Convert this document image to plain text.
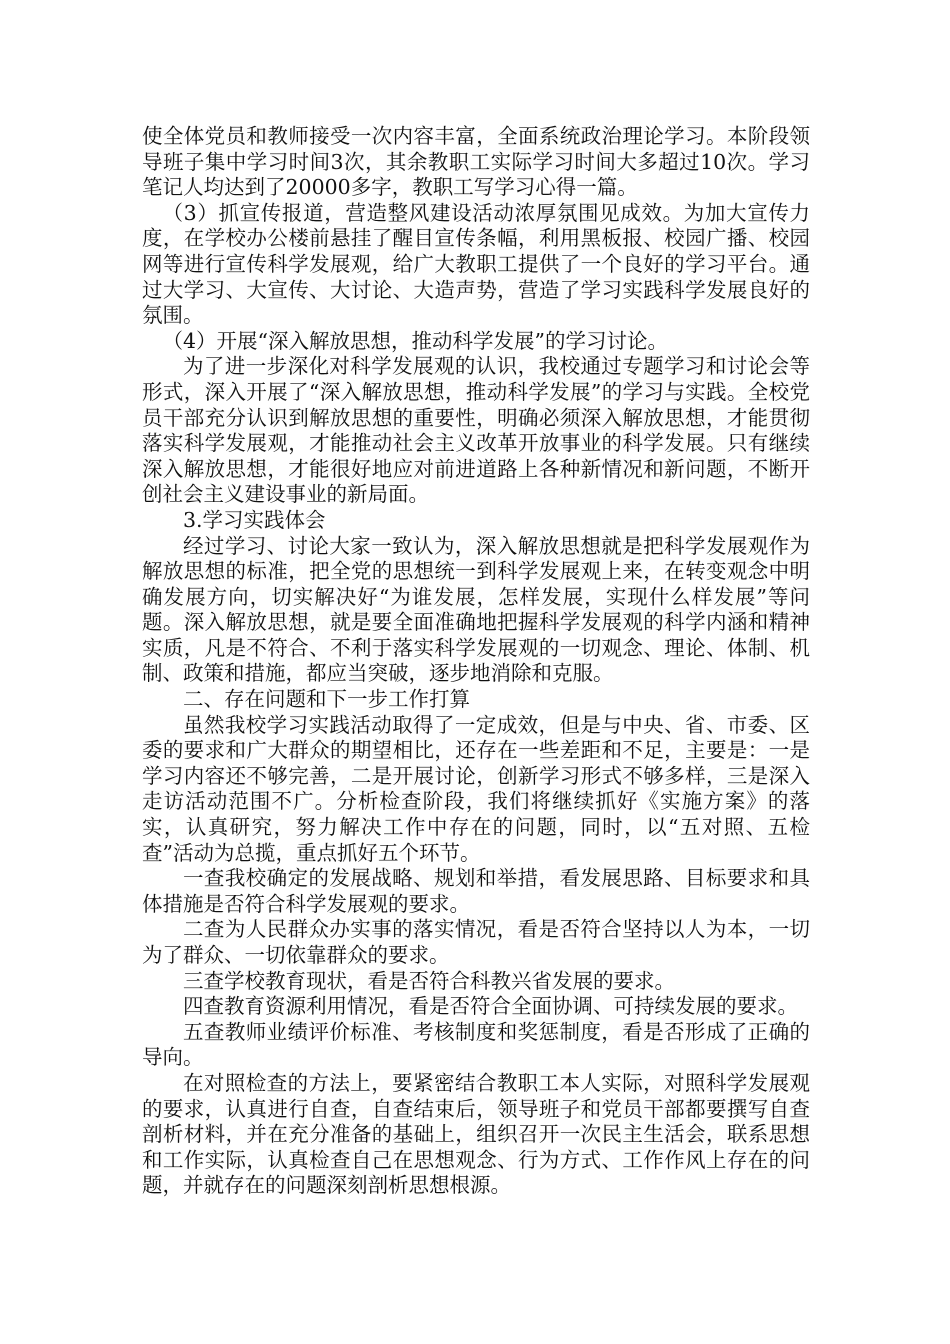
使全体党员和教师接受一次内容丰富，全面系统政治理论学习。本阶段领导班子集中学习时间3次，其余教职工实际学习时间大多超过10次。学习笔记人均达到了20000多字，教职工写学习心得一篇。

（3）抓宣传报道，营造整风建设活动浓厚氛围见成效。为加大宣传力度，在学校办公楼前悬挂了醒目宣传条幅，利用黑板报、校园广播、校园网等进行宣传科学发展观，给广大教职工提供了一个良好的学习平台。通过大学习、大宣传、大讨论、大造声势，营造了学习实践科学发展良好的氛围。

（4）开展“深入解放思想，推动科学发展”的学习讨论。

为了进一步深化对科学发展观的认识，我校通过专题学习和讨论会等形式，深入开展了“深入解放思想，推动科学发展”的学习与实践。全校党员干部充分认识到解放思想的重要性，明确必须深入解放思想，才能贯彻落实科学发展观，才能推动社会主义改革开放事业的科学发展。只有继续深入解放思想，才能很好地应对前进道路上各种新情况和新问题，不断开创社会主义建设事业的新局面。

3.学习实践体会

经过学习、讨论大家一致认为，深入解放思想就是把科学发展观作为解放思想的标准，把全党的思想统一到科学发展观上来，在转变观念中明确发展方向，切实解决好“为谁发展，怎样发展，实现什么样发展”等问题。深入解放思想，就是要全面准确地把握科学发展观的科学内涵和精神实质，凡是不符合、不利于落实科学发展观的一切观念、理论、体制、机制、政策和措施，都应当突破，逐步地消除和克服。

二、存在问题和下一步工作打算

虽然我校学习实践活动取得了一定成效，但是与中央、省、市委、区委的要求和广大群众的期望相比，还存在一些差距和不足，主要是：一是学习内容还不够完善，二是开展讨论，创新学习形式不够多样，三是深入走访活动范围不广。分析检查阶段，我们将继续抓好《实施方案》的落实，认真研究，努力解决工作中存在的问题，同时，以“五对照、五检查”活动为总揽，重点抓好五个环节。

一查我校确定的发展战略、规划和举措，看发展思路、目标要求和具体措施是否符合科学发展观的要求。

二查为人民群众办实事的落实情况，看是否符合坚持以人为本，一切为了群众、一切依靠群众的要求。

三查学校教育现状，看是否符合科教兴省发展的要求。

四查教育资源利用情况，看是否符合全面协调、可持续发展的要求。

五查教师业绩评价标准、考核制度和奖惩制度，看是否形成了正确的导向。

在对照检查的方法上，要紧密结合教职工本人实际，对照科学发展观的要求，认真进行自查，自查结束后，领导班子和党员干部都要撰写自查剖析材料，并在充分准备的基础上，组织召开一次民主生活会，联系思想和工作实际，认真检查自己在思想观念、行为方式、工作作风上存在的问题，并就存在的问题深刻剖析思想根源。
